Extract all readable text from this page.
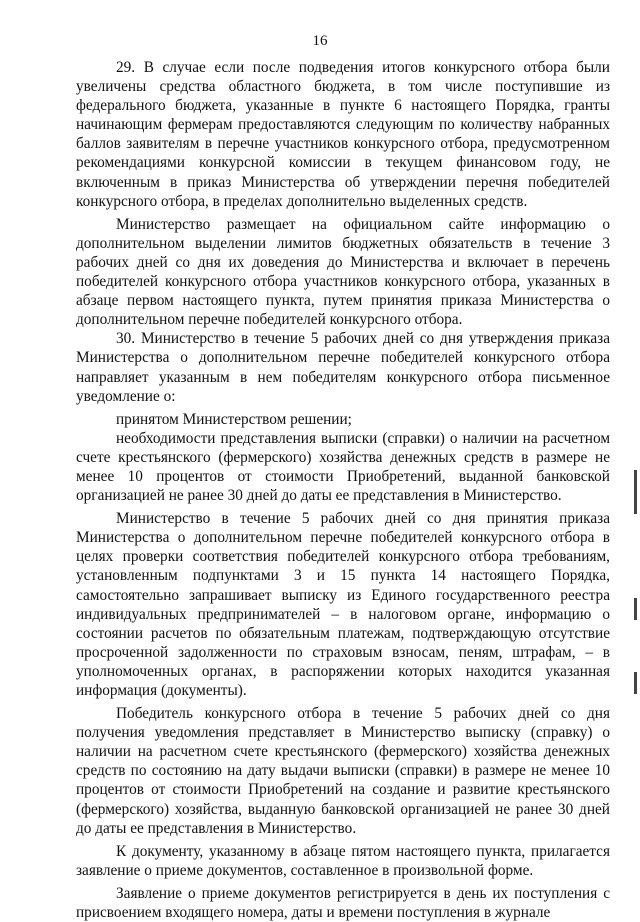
16

29. В случае если после подведения итогов конкурсного отбора были увеличены средства областного бюджета, в том числе поступившие из федерального бюджета, указанные в пункте 6 настоящего Порядка, гранты начинающим фермерам предоставляются следующим по количеству набранных баллов заявителям в перечне участников конкурсного отбора, предусмотренном рекомендациями конкурсной комиссии в текущем финансовом году, не включенным в приказ Министерства об утверждении перечня победителей конкурсного отбора, в пределах дополнительно выделенных средств.

Министерство размещает на официальном сайте информацию о дополнительном выделении лимитов бюджетных обязательств в течение 3 рабочих дней со дня их доведения до Министерства и включает в перечень победителей конкурсного отбора участников конкурсного отбора, указанных в абзаце первом настоящего пункта, путем принятия приказа Министерства о дополнительном перечне победителей конкурсного отбора.

30. Министерство в течение 5 рабочих дней со дня утверждения приказа Министерства о дополнительном перечне победителей конкурсного отбора направляет указанным в нем победителям конкурсного отбора письменное уведомление о:

принятом Министерством решении;

необходимости представления выписки (справки) о наличии на расчетном счете крестьянского (фермерского) хозяйства денежных средств в размере не менее 10 процентов от стоимости Приобретений, выданной банковской организацией не ранее 30 дней до даты ее представления в Министерство.

Министерство в течение 5 рабочих дней со дня принятия приказа Министерства о дополнительном перечне победителей конкурсного отбора в целях проверки соответствия победителей конкурсного отбора требованиям, установленным подпунктами 3 и 15 пункта 14 настоящего Порядка, самостоятельно запрашивает выписку из Единого государственного реестра индивидуальных предпринимателей – в налоговом органе, информацию о состоянии расчетов по обязательным платежам, подтверждающую отсутствие просроченной задолженности по страховым взносам, пеням, штрафам, – в уполномоченных органах, в распоряжении которых находится указанная информация (документы).

Победитель конкурсного отбора в течение 5 рабочих дней со дня получения уведомления представляет в Министерство выписку (справку) о наличии на расчетном счете крестьянского (фермерского) хозяйства денежных средств по состоянию на дату выдачи выписки (справки) в размере не менее 10 процентов от стоимости Приобретений на создание и развитие крестьянского (фермерского) хозяйства, выданную банковской организацией не ранее 30 дней до даты ее представления в Министерство.

К документу, указанному в абзаце пятом настоящего пункта, прилагается заявление о приеме документов, составленное в произвольной форме.

Заявление о приеме документов регистрируется в день их поступления с присвоением входящего номера, даты и времени поступления в журнале
